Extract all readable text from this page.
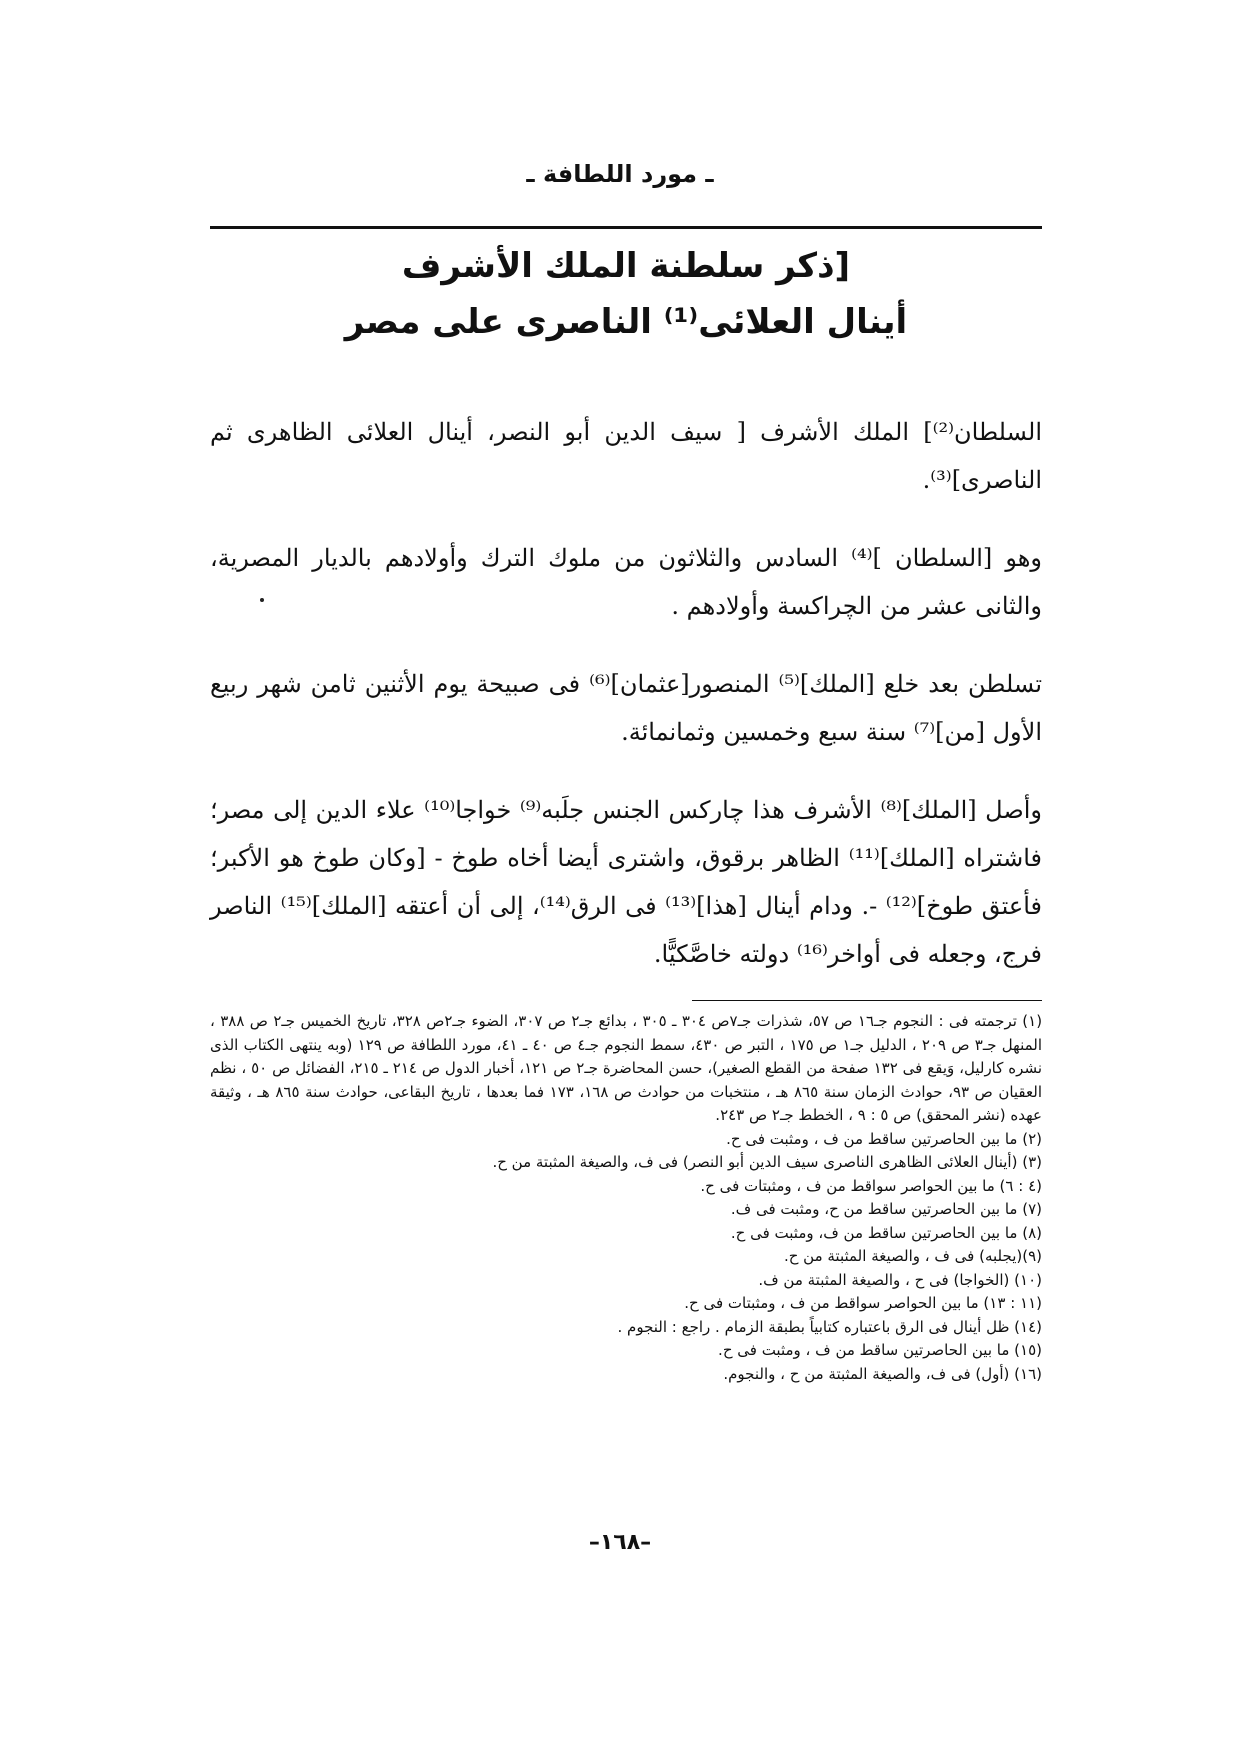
ـ مورد اللطافة ـ
[ذكر سلطنة الملك الأشرف
أينال العلائى⁽¹⁾ الناصرى على مصر

السلطان⁽²⁾] الملك الأشرف [ سيف الدين أبو النصر، أينال العلائى الظاهرى ثم الناصرى]⁽³⁾.

وهو [السلطان ]⁽⁴⁾ السادس والثلاثون من ملوك الترك وأولادهم بالديار المصرية، والثانى عشر من الچراكسة وأولادهم .

تسلطن بعد خلع [الملك]⁽⁵⁾ المنصور[عثمان]⁽⁶⁾ فى صبيحة يوم الأثنين ثامن شهر ربيع الأول [من]⁽⁷⁾ سنة سبع وخمسين وثمانمائة.

وأصل [الملك]⁽⁸⁾ الأشرف هذا چاركس الجنس جلَبه⁽⁹⁾ خواجا⁽¹⁰⁾ علاء الدين إلى مصر؛ فاشتراه [الملك]⁽¹¹⁾ الظاهر برقوق، واشترى أيضا أخاه طوخ - [وكان طوخ هو الأكبر؛ فأعتق طوخ]⁽¹²⁾ -. ودام أينال [هذا]⁽¹³⁾ فى الرق⁽¹⁴⁾، إلى أن أعتقه [الملك]⁽¹⁵⁾ الناصر فرج، وجعله فى أواخر⁽¹⁶⁾ دولته خاصَّكيًّا.

(١) ترجمته فى : النجوم جـ١٦ ص ٥٧، شذرات جـ٧ص ٣٠٤ ـ ٣٠٥ ، بدائع جـ٢ ص ٣٠٧، الضوء جـ٢ص ٣٢٨، تاريخ الخميس جـ٢ ص ٣٨٨ ، المنهل جـ٣ ص ٢٠٩ ، الدليل جـ١ ص ١٧٥ ، التبر ص ٤٣٠، سمط النجوم جـ٤ ص ٤٠ ـ ٤١، مورد اللطافة ص ١٢٩ (وبه ينتهى الكتاب الذى نشره كارليل، وَيقع فى ١٣٢ صفحة من القطع الصغير)، حسن المحاضرة جـ٢ ص ١٢١، أخبار الدول ص ٢١٤ ـ ٢١٥، الفضائل ص ٥٠ ، نظم العقيان ص ٩٣، حوادث الزمان سنة ٨٦٥ هـ ، منتخبات من حوادث ص ١٦٨، ١٧٣ فما بعدها ، تاريخ البقاعى، حوادث سنة ٨٦٥ هـ ، وثيقة عهده (نشر المحقق) ص ٥ : ٩ ، الخطط جـ٢ ص ٢٤٣.
(٢) ما بين الحاصرتين ساقط من ف ، ومثبت فى ح.
(٣) (أينال العلائى الظاهرى الناصرى سيف الدين أبو النصر) فى ف، والصيغة المثبتة من ح.
(٤ : ٦) ما بين الحواصر سواقط من ف ، ومثبتات فى ح.
(٧) ما بين الحاصرتين ساقط من ح، ومثبت فى ف.
(٨) ما بين الحاصرتين ساقط من ف، ومثبت فى ح.
(٩)(يجلبه) فى ف ، والصيغة المثبتة من ح.
(١٠) (الخواجا) فى ح ، والصيغة المثبتة من ف.
(١١ : ١٣) ما بين الحواصر سواقط من ف ، ومثبتات فى ح.
(١٤) ظل أينال فى الرق باعتباره كتابياً بطبقة الزمام . راجع : النجوم .
(١٥) ما بين الحاصرتين ساقط من ف ، ومثبت فى ح.
(١٦) (أول) فى ف، والصيغة المثبتة من ح ، والنجوم.
–١٦٨–
